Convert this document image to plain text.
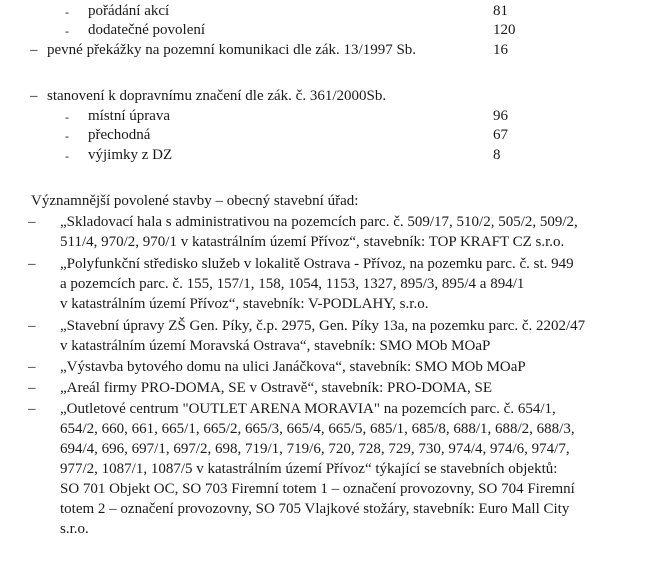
- pořádání akcí	81
- dodatečné povolení	120
– pevné překážky na pozemní komunikaci dle zák. 13/1997 Sb.	16
– stanovení k dopravnímu značení dle zák. č. 361/2000Sb.
- místní úprava	96
- přechodná	67
- výjimky z DZ	8
Významnější povolené stavby – obecný stavební úřad:
– „Skladovací hala s administrativou na pozemcích parc. č. 509/17, 510/2, 505/2, 509/2,
511/4, 970/2, 970/1 v katastrálním území Přívoz“, stavebník: TOP KRAFT CZ s.r.o.
– „Polyfunkční středisko služeb v lokalitě Ostrava - Přívoz, na pozemku parc. č. st. 949
a pozemcích parc. č. 155, 157/1, 158, 1054, 1153, 1327, 895/3, 895/4 a 894/1
v katastrálním území Přívoz“, stavebník: V-PODLAHY, s.r.o.
– „Stavební úpravy ZŠ Gen. Píky, č.p. 2975, Gen. Píky 13a, na pozemku parc. č. 2202/47
v katastrálním území Moravská Ostrava“, stavebník: SMO MOb MOaP
– „Výstavba bytového domu na ulici Janáčkova“, stavebník: SMO MOb MOaP
– „Areál firmy PRO-DOMA, SE v Ostravě“, stavebník: PRO-DOMA, SE
– „Outletové centrum "OUTLET ARENA MORAVIA" na pozemcích parc. č. 654/1,
654/2, 660, 661, 665/1, 665/2, 665/3, 665/4, 665/5, 685/1, 685/8, 688/1, 688/2, 688/3,
694/4, 696, 697/1, 697/2, 698, 719/1, 719/6, 720, 728, 729, 730, 974/4, 974/6, 974/7,
977/2, 1087/1, 1087/5 v katastrálním území Přívoz“ týkající se stavebních objektů:
SO 701 Objekt OC, SO 703 Firemní totem 1 – označení provozovny, SO 704 Firemní
totem 2 – označení provozovny, SO 705 Vlajkové stožáry, stavebník: Euro Mall City
s.r.o.
